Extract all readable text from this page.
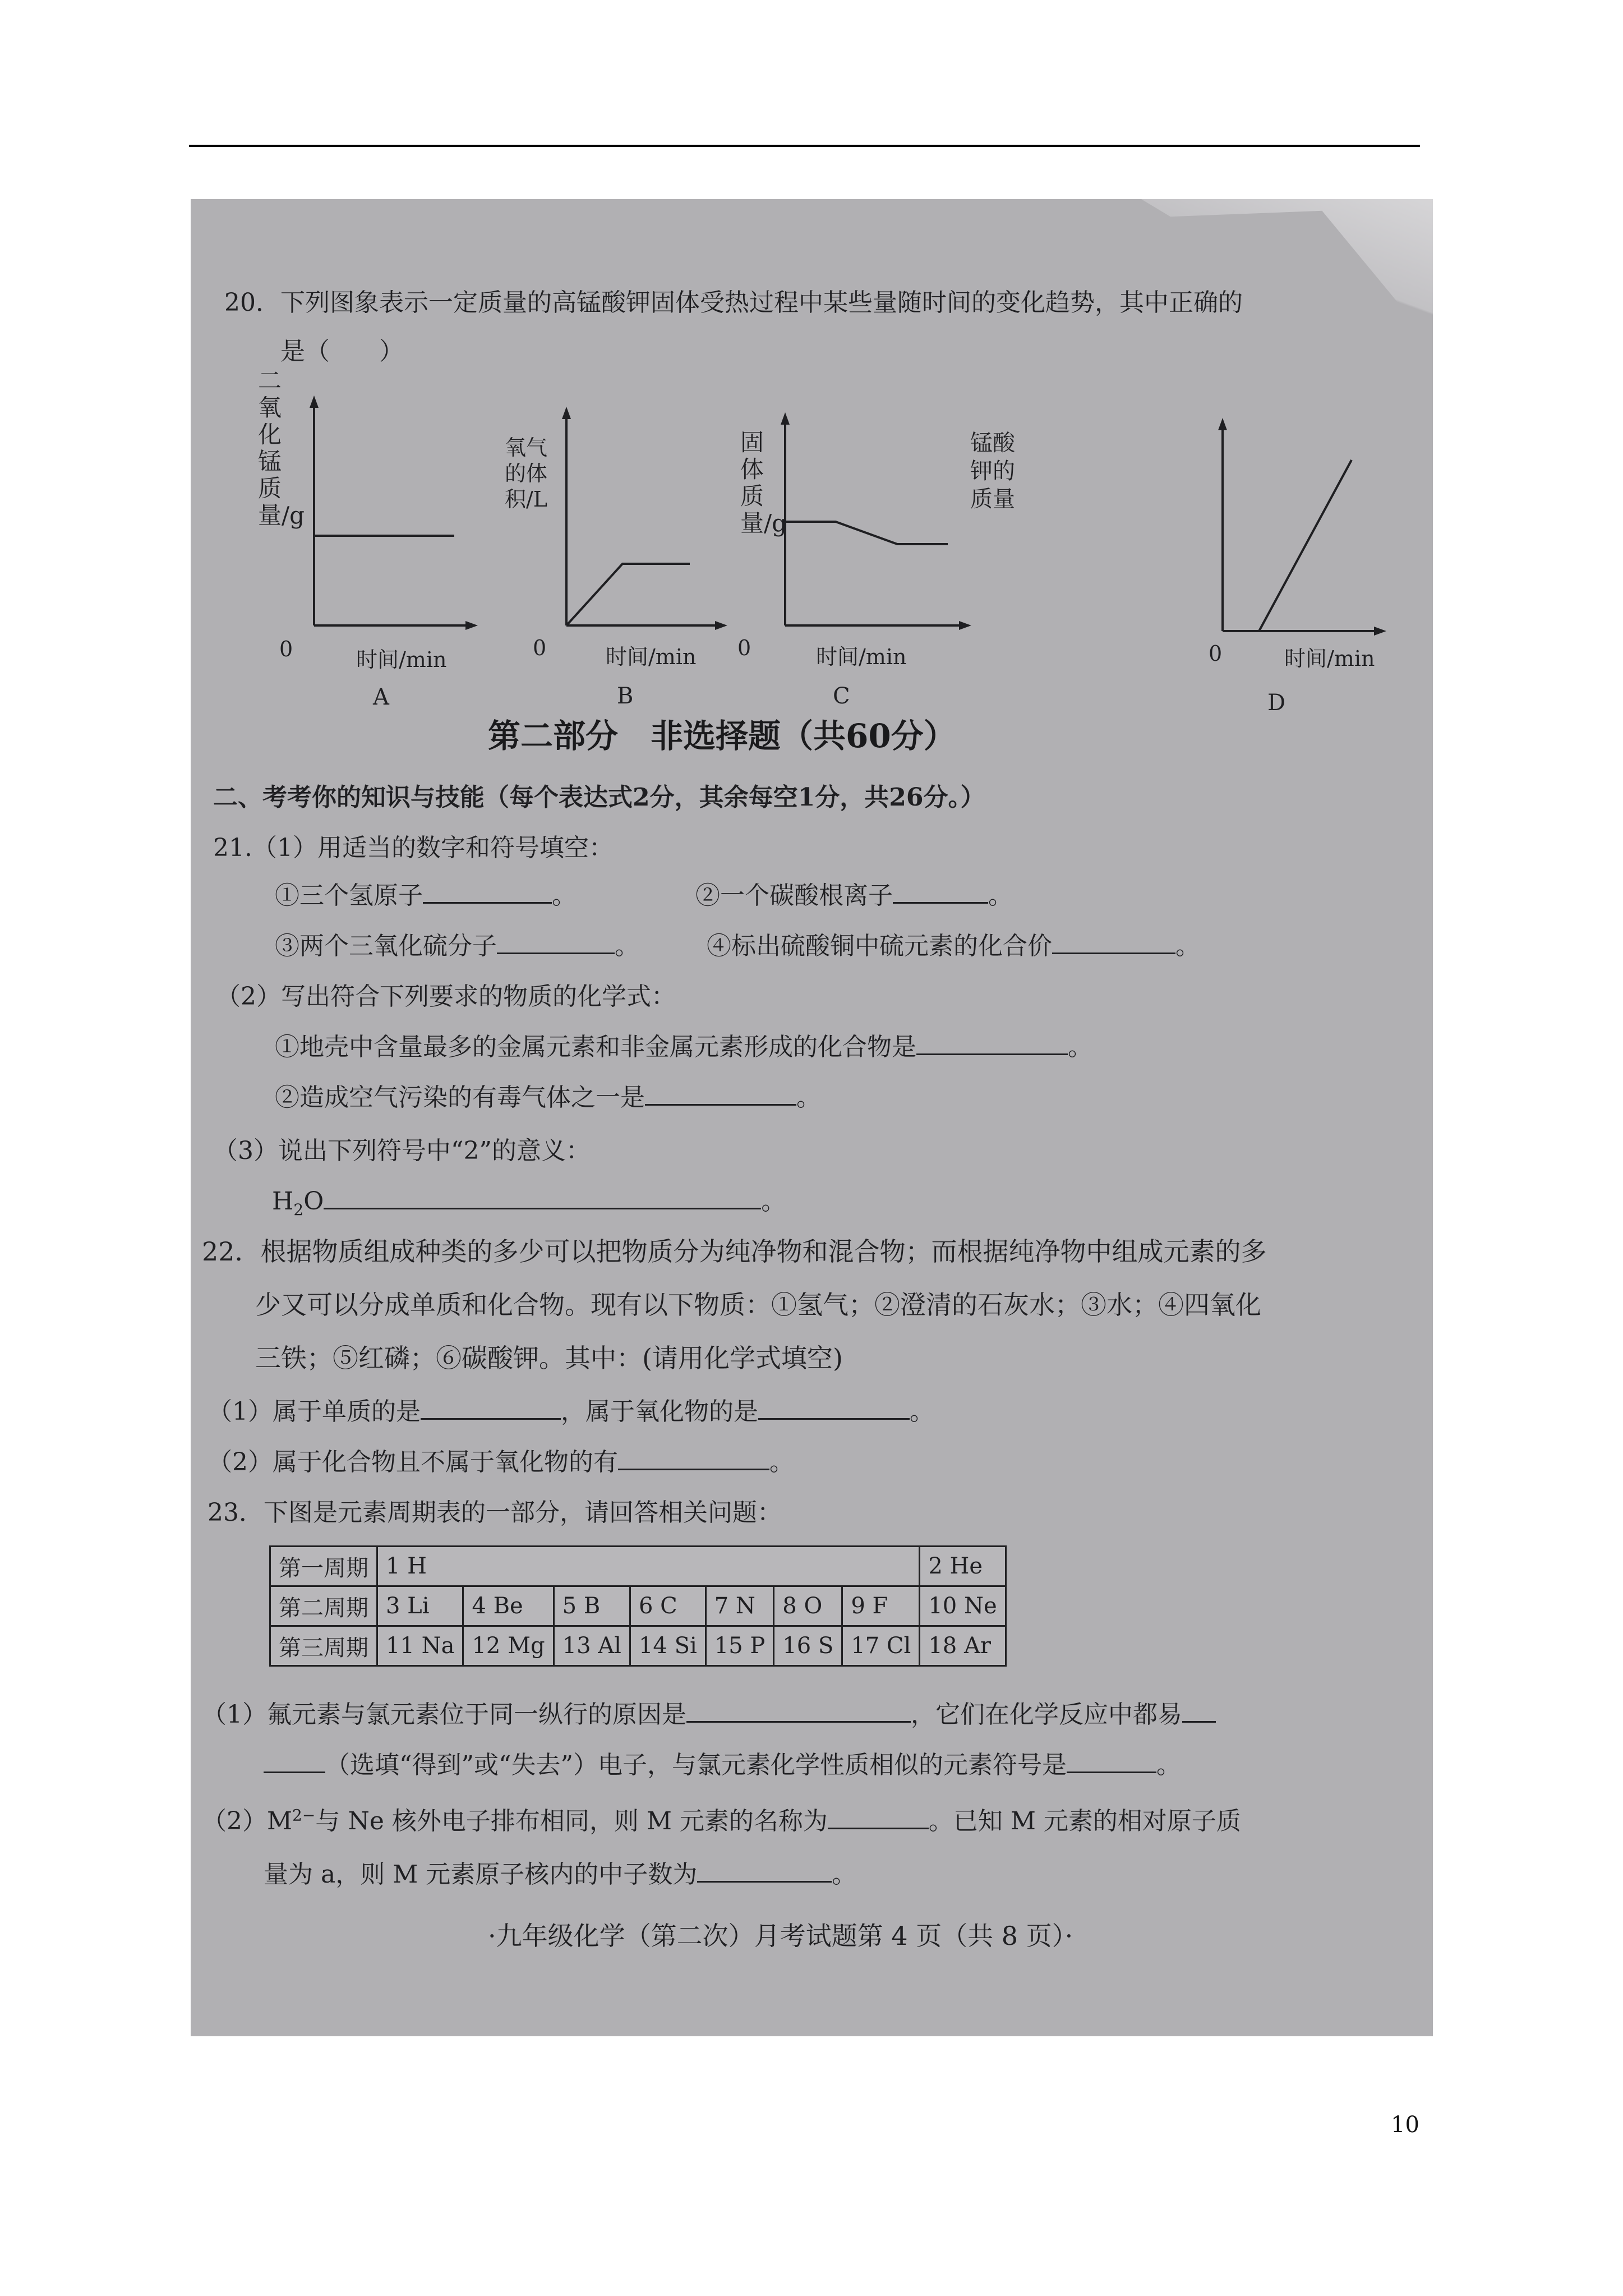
20．下列图象表示一定质量的高锰酸钾固体受热过程中某些量随时间的变化趋势，其中正确的
是（　　）
二氧化锰质量/g
0	时间/min
A
氧气的体积/L
0	时间/min
B
固体质量/g
0	时间/min
C
锰酸钾的质量
0	时间/min
D
第二部分　非选择题（共60分）
二、考考你的知识与技能（每个表达式2分，其余每空1分，共26分。）
21.（1）用适当的数字和符号填空：
①三个氢原子	。	②一个碳酸根离子	。
③两个三氧化硫分子	。	④标出硫酸铜中硫元素的化合价	。
（2）写出符合下列要求的物质的化学式：
①地壳中含量最多的金属元素和非金属元素形成的化合物是	。
②造成空气污染的有毒气体之一是	。
（3）说出下列符号中“2”的意义：
$H_2O$	。
22．根据物质组成种类的多少可以把物质分为纯净物和混合物；而根据纯净物中组成元素的多
少又可以分成单质和化合物。现有以下物质：①氢气；②澄清的石灰水；③水；④四氧化
三铁；⑤红磷；⑥碳酸钾。其中：(请用化学式填空)
（1）属于单质的是	，属于氧化物的是	。
（2）属于化合物且不属于氧化物的有	。
23．下图是元素周期表的一部分，请回答相关问题：
第一周期	1 H							2 He
第二周期	3 Li	4 Be	5 B	6 C	7 N	8 O	9 F	10 Ne
第三周期	11 Na	12 Mg	13 Al	14 Si	15 P	16 S	17 Cl	18 Ar
（1）氟元素与氯元素位于同一纵行的原因是	，它们在化学反应中都易
（选填“得到”或“失去”）电子，与氯元素化学性质相似的元素符号是	。
$(2)M^{2-}$与 Ne 核外电子排布相同，则 M 元素的名称为	。已知 M 元素的相对原子质
量为 a，则 M 元素原子核内的中子数为	。
·九年级化学（第二次）月考试题第 4 页（共 8 页）·
10
